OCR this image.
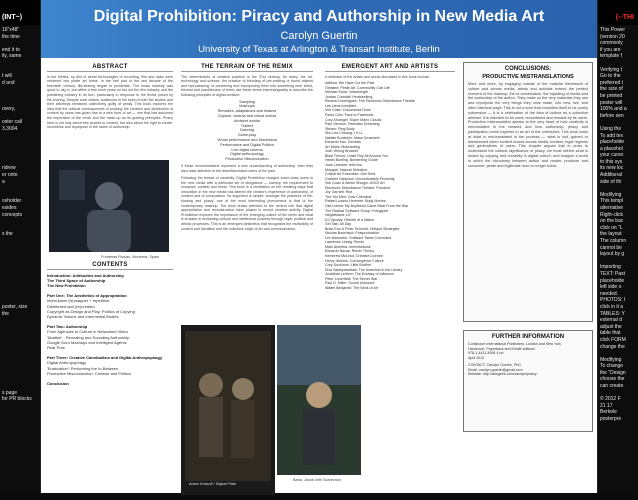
(INT~)
16"x48"
the time

end it to
ily, same

t will
d and

overy,

oster call
3.3004

ndrew
er onto
a

ceholder
esides
concepts

s the

poster, size
the

s page
for PR blocks
Digital Prohibition: Piracy and Authorship in New Media Art
Carolyn Guertin
University of Texas at Arlington & Transart Institute, Berlin
ABSTRACT
In the thirties, by dint of aerial technologies of recording, film and radio were rendered into pirate art forms. In the first part of the last decade of the twentieth century, file-sharing began to proliferate. The music industry was quick to dig in, but within a few short years so too did the film industry and the publishing industry in its turn, particularly in response to the threat posed by file-sharing. Despite such claims, audiences in the eyes of both the studios and their attorneys remained collectively guilty of piracy. This book explores the idea that the cultural consequences of policing the creation and distribution of content by users has given rise to a new form of art — one that has assumed the imperative of the remix and the mash-up as its guiding principles. Piracy here is not only about free access to content, but also about the right to create, recombine and repurpose in the name of authorship.
Fronteras Ruinas, Moderna, Spain
CONTENTS
Introduction: Antibodies and Authorship
The Third Space of Authorship
The New Prohibition
Part One: The Aesthetics of Appropriation
Interruption (re)mapper + repetition
Distributed and (re)created
Copyright as Design and Play: Politics of Copying
Dynamic Visions and Intermedial Bodies
Part Two: Authorship
From Agencies to Culture in Networked Video
'Abattoir' - Revealing and Sounding Authorship
Google Guru Mashups and Intelligent Agents
Real Time
Part Three: Creative Cannibalism and Digital Anthropophagy
Digital Anthropophagy
'Eradication': Performing the In-Between
Productive Misconduction: Chinese and Politics
Conclusion
THE TERRAIN OF THE REMIX
The determinants of creative practice in the 21st century, for many, the art, technology and science, the practice of blending of pre-existing or found objects and reprocessing, re-combining and repurposing them into something new. Artist, theorist and practitioners of remix use these terms interchangeably to describe the following principles of digital creation:
Sampling
Mashups
Remakes, adaptations and retakes
Capture, cinema and virtual worlds
Ambient worlds
Trailers
Dancing
Game-play
Virtual performance and Machinima
Performance and Digital Politics
Live digital cinema
Digital anthropology
Productive Misconduction
If these recombinations represent a new understanding of authorship, then they also draw attention to the disenfranchised users of the past.
Following the thread of creativity, Digital Prohibition charged lower-class users in the new media with a particular set of obligations — namely, the requirement to compose, contest and resist. This book is a meditation on the resulting ways that innovation in the new media has altered the creator's experience of authorship, of content and of composition. Its argument is simple: amongst the practices of file-sharing and piracy, one of the most interesting phenomena is that of the contemporary mashup. The book draws attention to the central role that digital appropriation and reconstruction have played in recent creative activity. Digital Prohibition explores the importance of the emerging culture of the remix and what is at stake in reclaiming cultural and intellectual property through legal, political and artistic processes. This is an emergent aesthetics that recognises the multiplicity of content and identities and the collective origin of art and communication.
Adam Kossoff / Digital Plate
Baba, Jacob with Scarecrow
EMERGENT ART AND ARTISTS
A selection of the artists and works discussed in this book include:
Adilkno: We Have Cut the Past
Olmsted: Pirate Art: Community Civil Life
Michael Snow: Wavelength
Jordan Crandall: Heatseeking
Ricardo Dominguez: The Electronic Disturbance Theatre
Les Liens Invisibles
Vuk Cosic: Documenta Done
Paolo Cirio: Face to Facebook
Cory Arcangel: Super Mario Clouds
Paul Sermon: Telematic Dreaming
Stelarc: Ping Body
Shu Lea Cheang: I.K.U.
Natalie Bookchin: Mass Ornament
Eduardo Kac: Genesis
Art Mobs: Mobcasting
Jodi: Wrong Browser
Blast Theory: Uncle Roy All Around You
Heath Bunting: Borderxing Guide
Joan Leandre: retroYou
Mongrel: Natural Selection
Critical Art Ensemble: GenTerra
Graham Harwood: Uncomfortable Proximity
Vuk Cosic & Alexei Shulgin: ASCII Art
Electronic Disturbance Theatre: Floodnet
Joy Garnett: Riot
The Yes Men: Dow Chemical
Rafael Lozano-Hemmer: Body Movies
Olia Lialina: My Boyfriend Came Back From the War
The Radical Software Group: Kriegspiel
Negativland: U2
DJ Spooky: Rebirth of a Nation
Girl Talk: All Day
Brian Eno & Peter Schmidt: Oblique Strategies
Nicolas Bourriaud: Postproduction
Lev Manovich: Software Takes Command
Lawrence Lessig: Remix
Mark Amerika: remixthebook
Eduardo Navas: Remix Theory
Kembrew McLeod: Creative License
Henry Jenkins: Convergence Culture
Cory Doctorow: Little Brother
Siva Vaidhyanathan: The Anarchist in the Library
Jonathan Lethem: The Ecstasy of Influence
Peter Lunenfeld: The Secret War
Paul D. Miller: Sound Unbound
Walter Benjamin: The Work of Art
CONCLUSIONS:
PRODUCTIVE MISTRANSLATIONS
More and more, by engaging outside of the material framework of culture and across media, artists and activists extend the perfect moment of the mashup, the re-combination, the hijacking of media and the authorship of the author. They make us the very materials they use and repurpose the very things they once made, into new, live, and often hilarious ways. This is not a work that considers itself to be purely subversive — it is a celebration of the idea of culture as a collective artefact. It is intended to be used, recombined and remade by its users. Productive mistranslation speaks to the very heart of how creativity is reformulated in the network and how authorship, piracy and participation come together in an art of the unfinished. This work looks at what is mis-translated in the process — what is lost, gained or transformed when content moves across media, borders, legal regimes and generations of users. This chapter argues that in order to understand the cultural significance of piracy, we must rethink what is meant by copying and creativity in digital culture, and imagine a world in which the dichotomy between author and reader, producer and consumer, pirate and legitimate user no longer holds.
FURTHER INFORMATION
Continuum International Publishers, London and New York
Hardcover, Paperback and Kindle editions
978-1-4411-3098-4 pb
April 2012
CONTACT: Carolyn Guertin, PhD
Email: carolyn.guertin@gmail.com
Website: http://artsgeek.com/carolyn/piracy
(--THI
This Power
(version 20
commonly
if you are
template f

Verifying t
Go to the
preferred t
the size of
be printed
poster will
100% and a
before sen

Using the
To add tex
placeholde
a placehol
your curso
to this sys
its new loc
Additional
side of thi

Modifying
This templ
alternative
Right-click
on the bac
click on "L
the layout
The column
cannot be
layout by g

Importing
TEXT: Past
placeholde
left side o
needed.
PHOTOS: I
click in it a
TABLES: Y
external d
adjust the
table that
click FORM
change the

Modifying
To change
the "Design
choose the
can create

© 2012 F
21 17
Berkele
posterpre
